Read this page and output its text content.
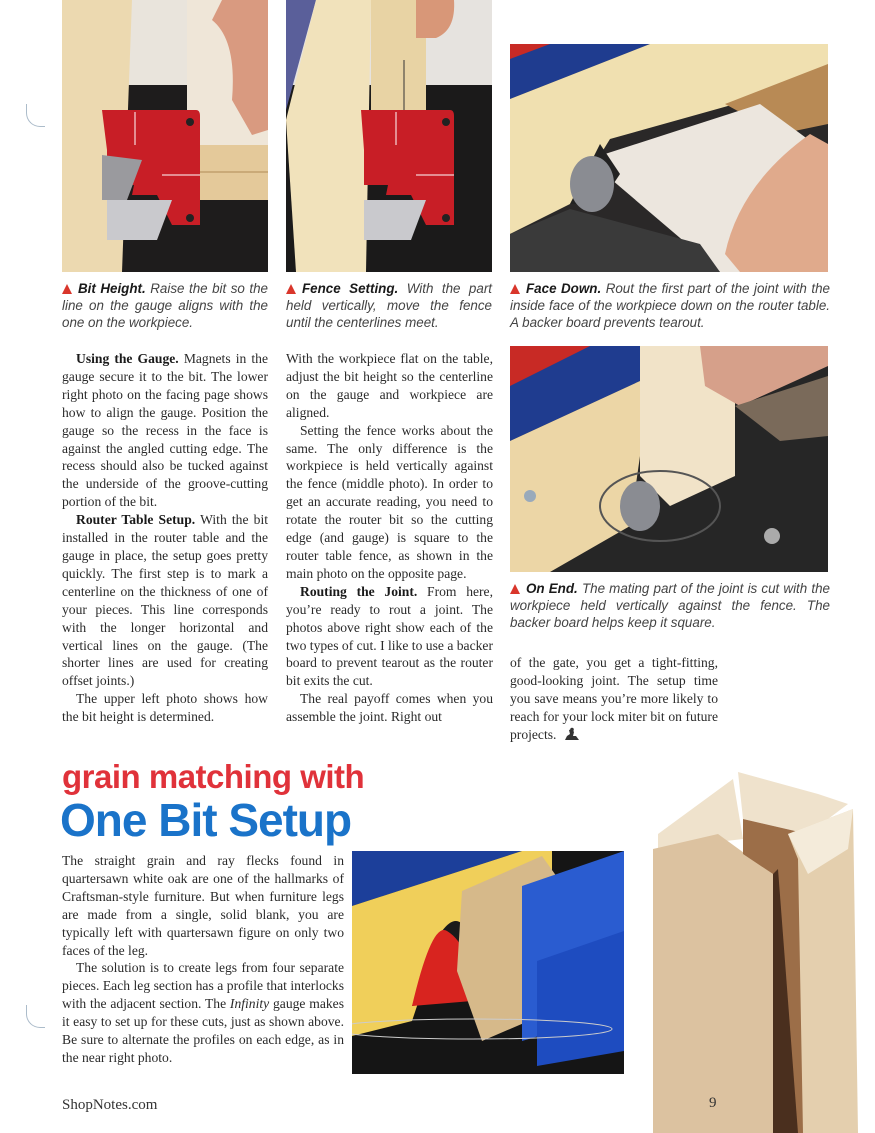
Bit Height. Raise the bit so the line on the gauge aligns with the one on the workpiece.
Fence Setting. With the part held vertically, move the fence until the centerlines meet.
Face Down. Rout the first part of the joint with the inside face of the workpiece down on the router table. A backer board prevents tearout.
On End. The mating part of the joint is cut with the workpiece held vertically against the fence. The backer board helps keep it square.

Using the Gauge. Magnets in the gauge secure it to the bit. The lower right photo on the facing page shows how to align the gauge. Position the gauge so the recess in the face is against the angled cutting edge. The recess should also be tucked against the underside of the groove-cutting portion of the bit.

Router Table Setup. With the bit installed in the router table and the gauge in place, the setup goes pretty quickly. The first step is to mark a centerline on the thickness of one of your pieces. This line corresponds with the longer horizontal and vertical lines on the gauge. (The shorter lines are used for creating offset joints.)

The upper left photo shows how the bit height is determined.

With the workpiece flat on the table, adjust the bit height so the centerline on the gauge and workpiece are aligned.

Setting the fence works about the same. The only difference is the workpiece is held vertically against the fence (middle photo). In order to get an accurate reading, you need to rotate the router bit so the cutting edge (and gauge) is square to the router table fence, as shown in the main photo on the opposite page.

Routing the Joint. From here, you’re ready to rout a joint. The photos above right show each of the two types of cut. I like to use a backer board to prevent tearout as the router bit exits the cut.

The real payoff comes when you assemble the joint. Right out

of the gate, you get a tight-fitting, good-looking joint. The setup time you save means you’re more likely to reach for your lock miter bit on future projects.

grain matching with
One Bit Setup

The straight grain and ray flecks found in quartersawn white oak are one of the hallmarks of Craftsman-style furniture. But when furniture legs are made from a single, solid blank, you are typically left with quartersawn figure on only two faces of the leg.

The solution is to create legs from four separate pieces. Each leg section has a profile that interlocks with the adjacent section. The Infinity gauge makes it easy to set up for these cuts, just as shown above. Be sure to alternate the profiles on each edge, as in the near right photo.

ShopNotes.com	9
